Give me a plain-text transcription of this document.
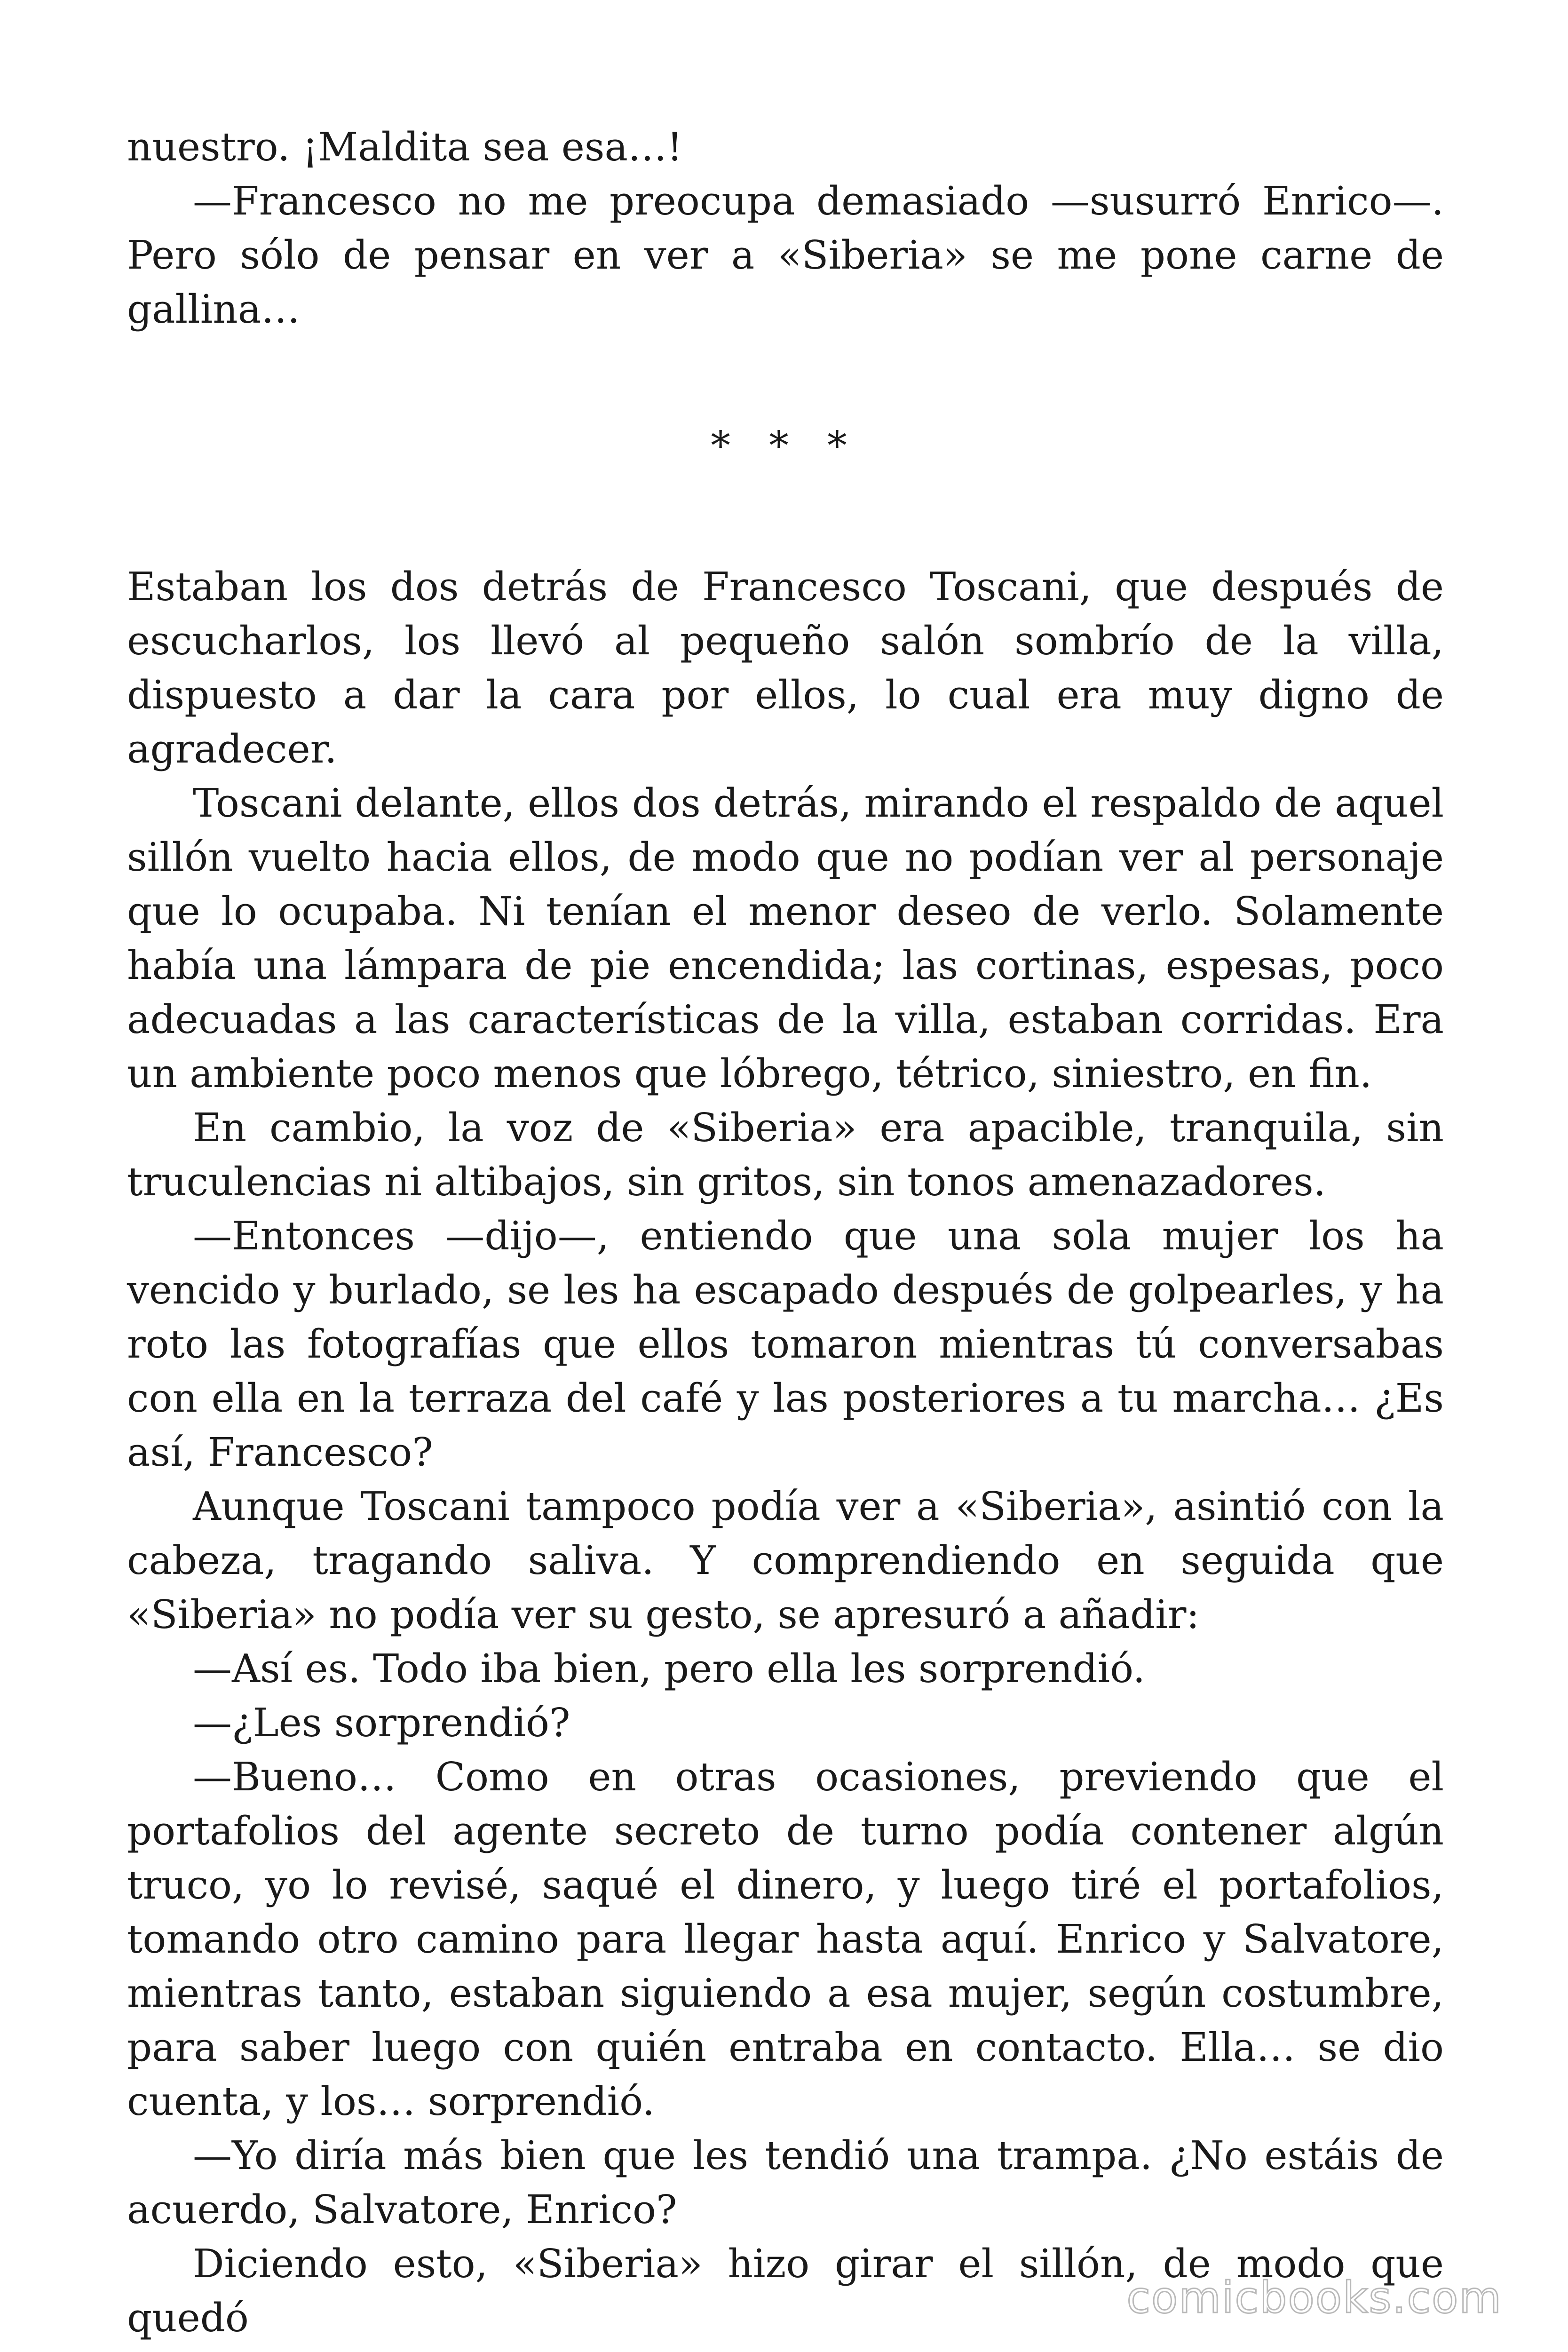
nuestro. ¡Maldita sea esa…!

—Francesco no me preocupa demasiado —susurró Enrico—. Pero sólo de pensar en ver a «Siberia» se me pone carne de gallina…

* * *

Estaban los dos detrás de Francesco Toscani, que después de escucharlos, los llevó al pequeño salón sombrío de la villa, dispuesto a dar la cara por ellos, lo cual era muy digno de agradecer.

Toscani delante, ellos dos detrás, mirando el respaldo de aquel sillón vuelto hacia ellos, de modo que no podían ver al personaje que lo ocupaba. Ni tenían el menor deseo de verlo. Solamente había una lámpara de pie encendida; las cortinas, espesas, poco adecuadas a las características de la villa, estaban corridas. Era un ambiente poco menos que lóbrego, tétrico, siniestro, en fin.

En cambio, la voz de «Siberia» era apacible, tranquila, sin truculencias ni altibajos, sin gritos, sin tonos amenazadores.

—Entonces —dijo—, entiendo que una sola mujer los ha vencido y burlado, se les ha escapado después de golpearles, y ha roto las fotografías que ellos tomaron mientras tú conversabas con ella en la terraza del café y las posteriores a tu marcha… ¿Es así, Francesco?

Aunque Toscani tampoco podía ver a «Siberia», asintió con la cabeza, tragando saliva. Y comprendiendo en seguida que «Siberia» no podía ver su gesto, se apresuró a añadir:

—Así es. Todo iba bien, pero ella les sorprendió.

—¿Les sorprendió?

—Bueno… Como en otras ocasiones, previendo que el portafolios del agente secreto de turno podía contener algún truco, yo lo revisé, saqué el dinero, y luego tiré el portafolios, tomando otro camino para llegar hasta aquí. Enrico y Salvatore, mientras tanto, estaban siguiendo a esa mujer, según costumbre, para saber luego con quién entraba en contacto. Ella… se dio cuenta, y los… sorprendió.

—Yo diría más bien que les tendió una trampa. ¿No estáis de acuerdo, Salvatore, Enrico?

Diciendo esto, «Siberia» hizo girar el sillón, de modo que quedó	comicbooks.com
